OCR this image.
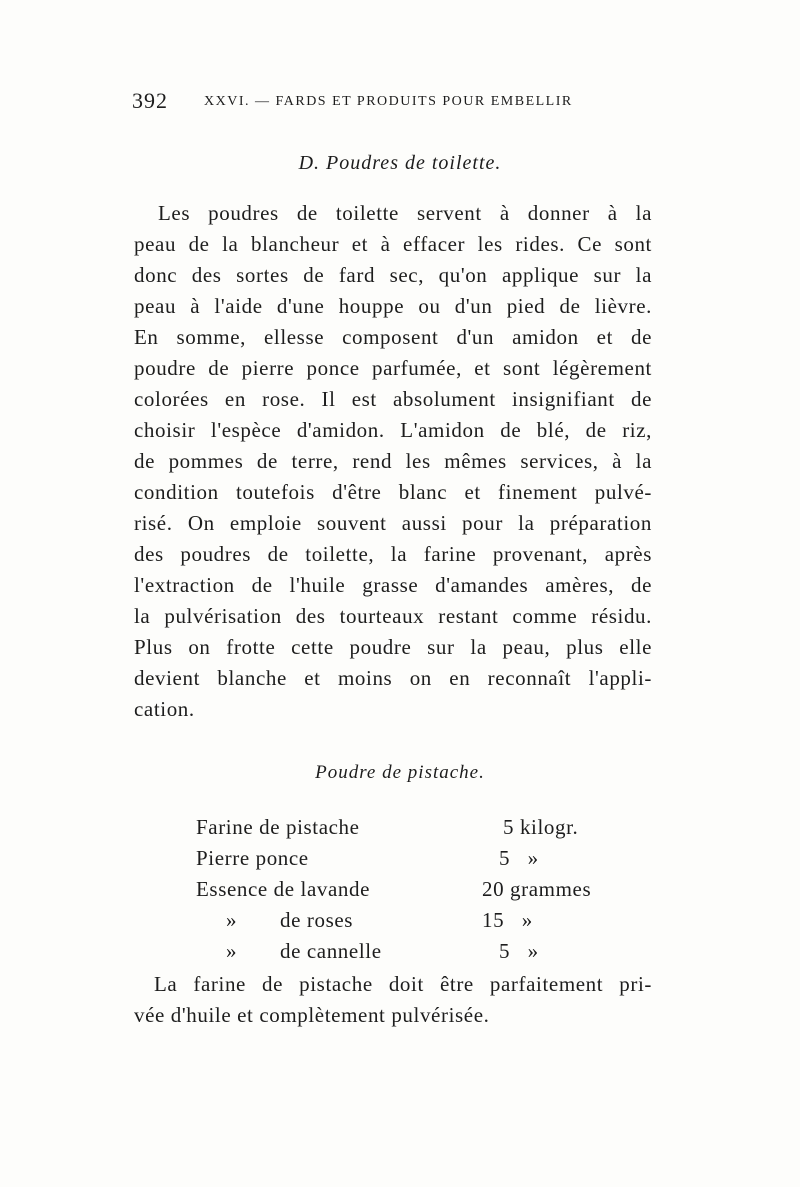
392	XXVI. — FARDS ET PRODUITS POUR EMBELLIR
D. Poudres de toilette.
Les poudres de toilette servent à donner à la
peau de la blancheur et à effacer les rides. Ce sont
donc des sortes de fard sec, qu'on applique sur la
peau à l'aide d'une houppe ou d'un pied de lièvre.
En somme, ellesse composent d'un amidon et de
poudre de pierre ponce parfumée, et sont légèrement
colorées en rose. Il est absolument insignifiant de
choisir l'espèce d'amidon. L'amidon de blé, de riz,
de pommes de terre, rend les mêmes services, à la
condition toutefois d'être blanc et finement pulvé-
risé. On emploie souvent aussi pour la préparation
des poudres de toilette, la farine provenant, après
l'extraction de l'huile grasse d'amandes amères, de
la pulvérisation des tourteaux restant comme résidu.
Plus on frotte cette poudre sur la peau, plus elle
devient blanche et moins on en reconnaît l'appli-
cation.
Poudre de pistache.
Farine de pistache	5 kilogr.
Pierre ponce	5   »
Essence de lavande	20 grammes
» de roses	15   »
» de cannelle	5   »
La farine de pistache doit être parfaitement pri-
vée d'huile et complètement pulvérisée.
